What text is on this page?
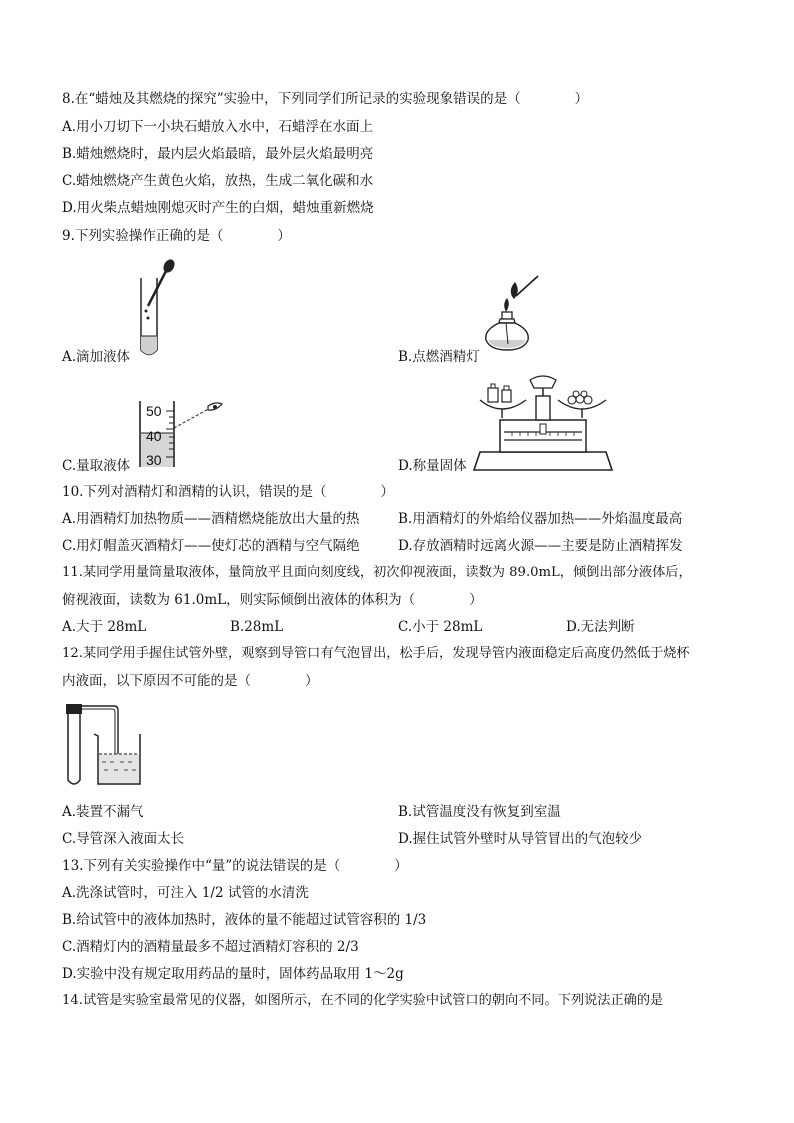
8.在“蜡烛及其燃烧的探究”实验中，下列同学们所记录的实验现象错误的是（　　　　）
A.用小刀切下一小块石蜡放入水中，石蜡浮在水面上
B.蜡烛燃烧时，最内层火焰最暗，最外层火焰最明亮
C.蜡烛燃烧产生黄色火焰，放热，生成二氧化碳和水
D.用火柴点蜡烛刚熄灭时产生的白烟，蜡烛重新燃烧
9.下列实验操作正确的是（　　　　）
A.滴加液体	B.点燃酒精灯
50
40
30
C.量取液体	D.称量固体
10.下列对酒精灯和酒精的认识，错误的是（　　　　）
A.用酒精灯加热物质——酒精燃烧能放出大量的热	B.用酒精灯的外焰给仪器加热——外焰温度最高
C.用灯帽盖灭酒精灯——使灯芯的酒精与空气隔绝	D.存放酒精时远离火源——主要是防止酒精挥发
11.某同学用量筒量取液体，量筒放平且面向刻度线，初次仰视液面，读数为 89.0mL，倾倒出部分液体后，
俯视液面，读数为 61.0mL，则实际倾倒出液体的体积为（　　　　）
A.大于 28mL	B.28mL	C.小于 28mL	D.无法判断
12.某同学用手握住试管外壁，观察到导管口有气泡冒出，松手后，发现导管内液面稳定后高度仍然低于烧杯
内液面，以下原因不可能的是（　　　　）
A.装置不漏气	B.试管温度没有恢复到室温
C.导管深入液面太长	D.握住试管外壁时从导管冒出的气泡较少
13.下列有关实验操作中“量”的说法错误的是（　　　　）
A.洗涤试管时，可注入 1/2 试管的水清洗
B.给试管中的液体加热时，液体的量不能超过试管容积的 1/3
C.酒精灯内的酒精量最多不超过酒精灯容积的 2/3
D.实验中没有规定取用药品的量时，固体药品取用 1～2g
14.试管是实验室最常见的仪器，如图所示，在不同的化学实验中试管口的朝向不同。下列说法正确的是
